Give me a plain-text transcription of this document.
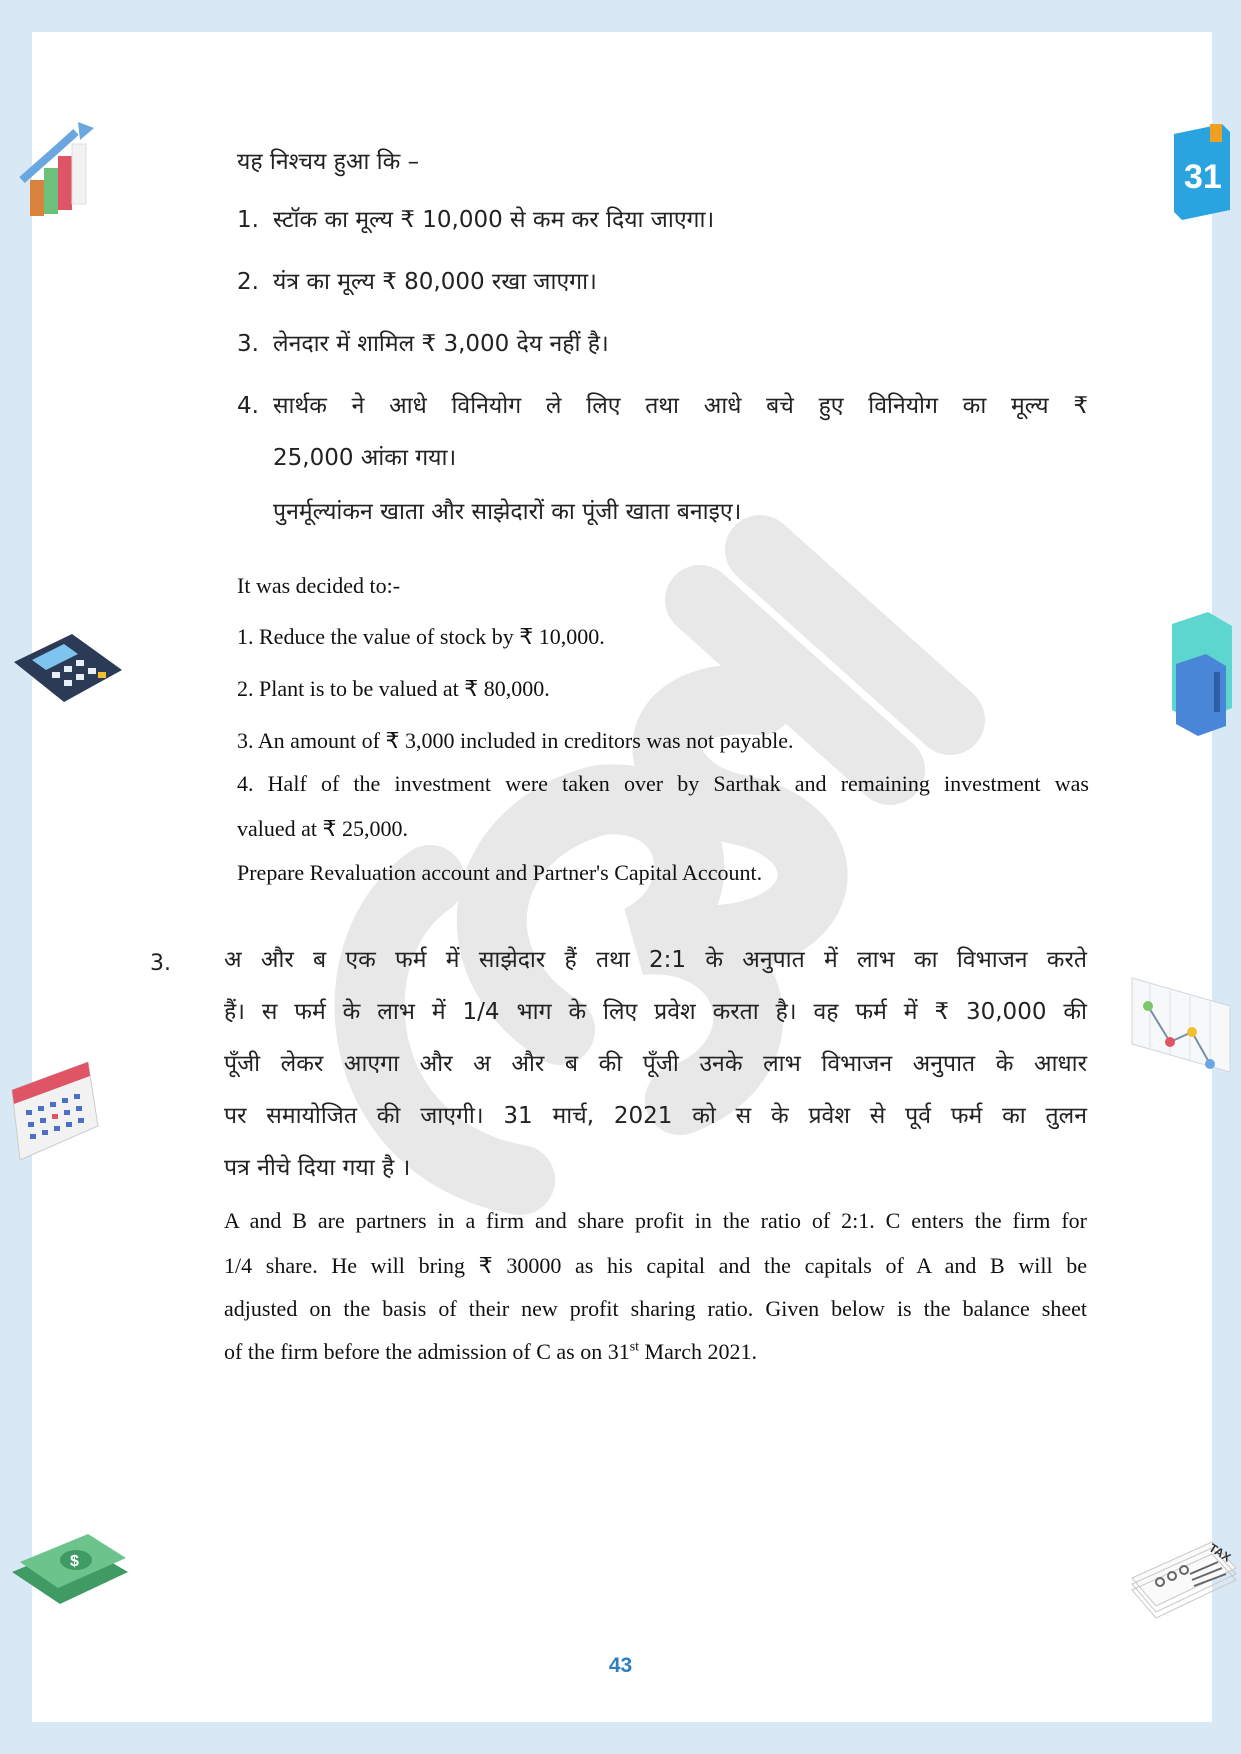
31
$	TAX
यह निश्चय हुआ कि –
1. स्टॉक का मूल्य ₹ 10,000 से कम कर दिया जाएगा।
2. यंत्र का मूल्य ₹ 80,000 रखा जाएगा।
3. लेनदार में शामिल ₹ 3,000 देय नहीं है।
4. सार्थक ने आधे विनियोग ले लिए तथा आधे बचे हुए विनियोग का मूल्य ₹
25,000 आंका गया।
पुनर्मूल्यांकन खाता और साझेदारों का पूंजी खाता बनाइए।
It was decided to:-
1. Reduce the value of stock by ₹ 10,000.
2. Plant is to be valued at ₹ 80,000.
3. An amount of ₹ 3,000 included in creditors was not payable.
4. Half of the investment were taken over by Sarthak and remaining investment was
valued at ₹ 25,000.
Prepare Revaluation account and Partner's Capital Account.
3. अ और ब एक फर्म में साझेदार हैं तथा 2:1 के अनुपात में लाभ का विभाजन करते
हैं। स फर्म के लाभ में 1/4 भाग के लिए प्रवेश करता है। वह फर्म में ₹ 30,000 की
पूँजी लेकर आएगा और अ और ब की पूँजी उनके लाभ विभाजन अनुपात के आधार
पर समायोजित की जाएगी। 31 मार्च, 2021 को स के प्रवेश से पूर्व फर्म का तुलन
पत्र नीचे दिया गया है ।
A and B are partners in a firm and share profit in the ratio of 2:1. C enters the firm for
1/4 share. He will bring ₹ 30000 as his capital and the capitals of A and B will be
adjusted on the basis of their new profit sharing ratio. Given below is the balance sheet
of the firm before the admission of C as on 31st March 2021.
43
